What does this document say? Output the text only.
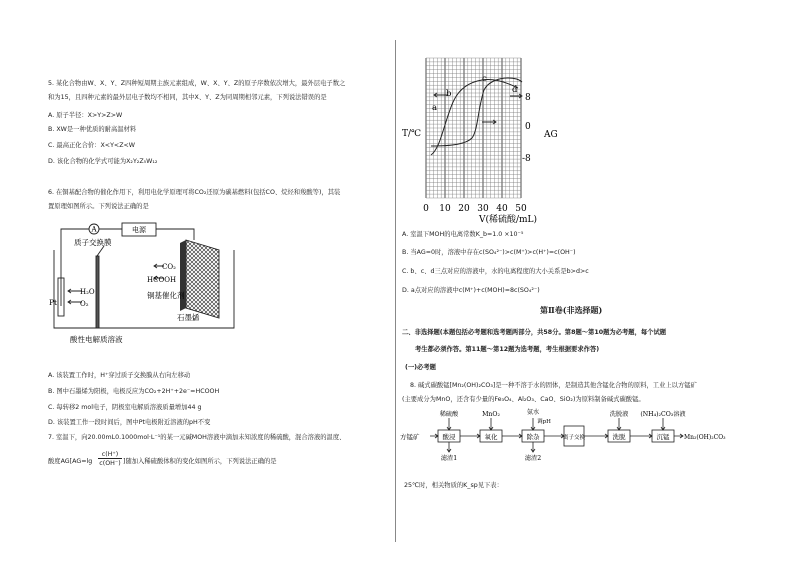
5. 某化合物由W、X、Y、Z四种短周期主族元素组成，W、X、Y、Z的原子序数依次增大，最外层电子数之
和为15，且四种元素的最外层电子数均不相同，其中X、Y、Z为同周期相邻元素，下列说法错误的是
A. 原子半径：X>Y>Z>W
B. XW是一种优质的耐高温材料
C. 最高正化合价：X<Y<Z<W
D. 该化合物的化学式可能为X₂Y₂Z₅W₁₂
6. 在铜基配合物的催化作用下，利用电化学原理可将CO₂还原为碳基燃料(包括CO、烷烃和羧酸等)，其装
置原理如图所示。下列说法正确的是
A	电源
质子交换膜
Pt
H₂O
O₂
CO₂
HCOOH
铜基催化剂
石墨烯
酸性电解质溶液
A. 该装置工作时，H⁺穿过质子交换膜从右向左移动
B. 图中石墨烯为阳极，电极反应为CO₂+2H⁺+2e⁻=HCOOH
C. 每转移2 mol电子，阴极室电解质溶液质量增加44 g
D. 该装置工作一段时间后，图中Pt电极附近溶液的pH不变
7. 室温下，向20.00mL0.1000mol·L⁻¹的某一元碱MOH溶液中滴加未知浓度的稀硫酸，混合溶液的温度、
酸度AG[AG=lg
c(H⁺)
c(OH⁻) ]随加入稀硫酸体积的变化如图所示，下列说法正确的是
b
a
c
d
T/℃	AG
8
0
-8
0 10 20 30 40 50
V(稀硫酸/mL)
A. 室温下MOH的电离常数K_b=1.0 ×10⁻⁵
B. 当AG=0时，溶液中存在c(SO₄²⁻)>c(M⁺)>c(H⁺)=c(OH⁻)
C. b、c、d三点对应的溶液中，水的电离程度的大小关系是b>d>c
D. a点对应的溶液中c(M⁺)+c(MOH)=8c(SO₄²⁻)
第Ⅱ卷(非选择题)
二、非选择题(本题包括必考题和选考题两部分，共58分。第8题～第10题为必考题，每个试题
考生都必须作答。第11题～第12题为选考题，考生根据要求作答)
(一)必考题
8. 碱式碳酸锰[Mn₂(OH)₂CO₃]是一种不溶于水的固体，是制造其他含锰化合物的原料，工业上以方锰矿
(主要成分为MnO，还含有少量的Fe₃O₄、Al₂O₃、CaO、SiO₂)为原料制备碱式碳酸锰。
方锰矿	酸浸	氧化	除杂	离子交换	洗脱	沉锰 Mn₂(OH)₂CO₃
稀硫酸	MnO₂	氨水
调pH
洗脱液 (NH₄)₂CO₃溶液
滤渣1	滤渣2
25℃时，相关物质的K_sp见下表：
